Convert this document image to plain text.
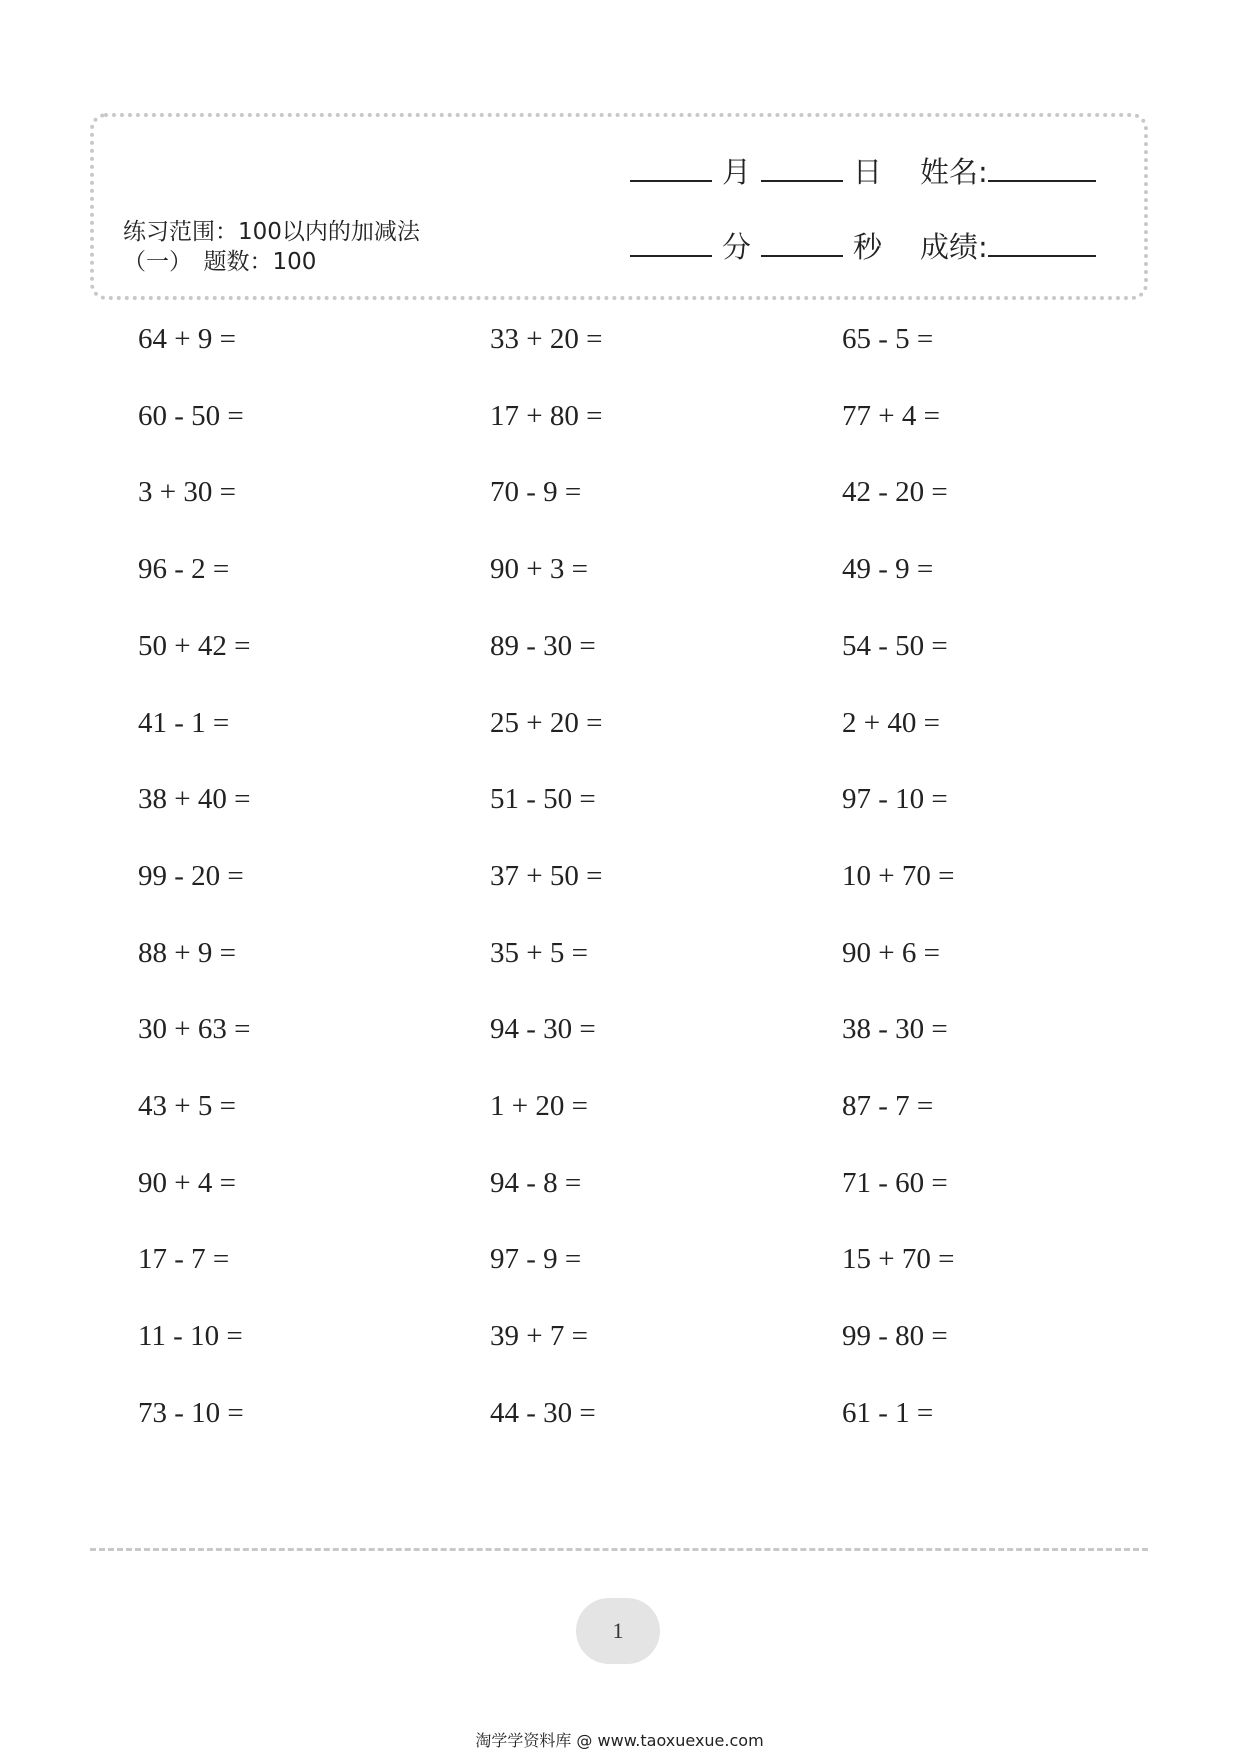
月	日 姓名:
分	秒 成绩:
练习范围：100以内的加减法
（一）　题数：100
64 + 9 =	33 + 20 =	65 - 5 =
60 - 50 =	17 + 80 =	77 + 4 =
3 + 30 =	70 - 9 =	42 - 20 =
96 - 2 =	90 + 3 =	49 - 9 =
50 + 42 =	89 - 30 =	54 - 50 =
41 - 1 =	25 + 20 =	2 + 40 =
38 + 40 =	51 - 50 =	97 - 10 =
99 - 20 =	37 + 50 =	10 + 70 =
88 + 9 =	35 + 5 =	90 + 6 =
30 + 63 =	94 - 30 =	38 - 30 =
43 + 5 =	1 + 20 =	87 - 7 =
90 + 4 =	94 - 8 =	71 - 60 =
17 - 7 =	97 - 9 =	15 + 70 =
11 - 10 =	39 + 7 =	99 - 80 =
73 - 10 =	44 - 30 =	61 - 1 =
1
淘学学资料库 @ www.taoxuexue.com
